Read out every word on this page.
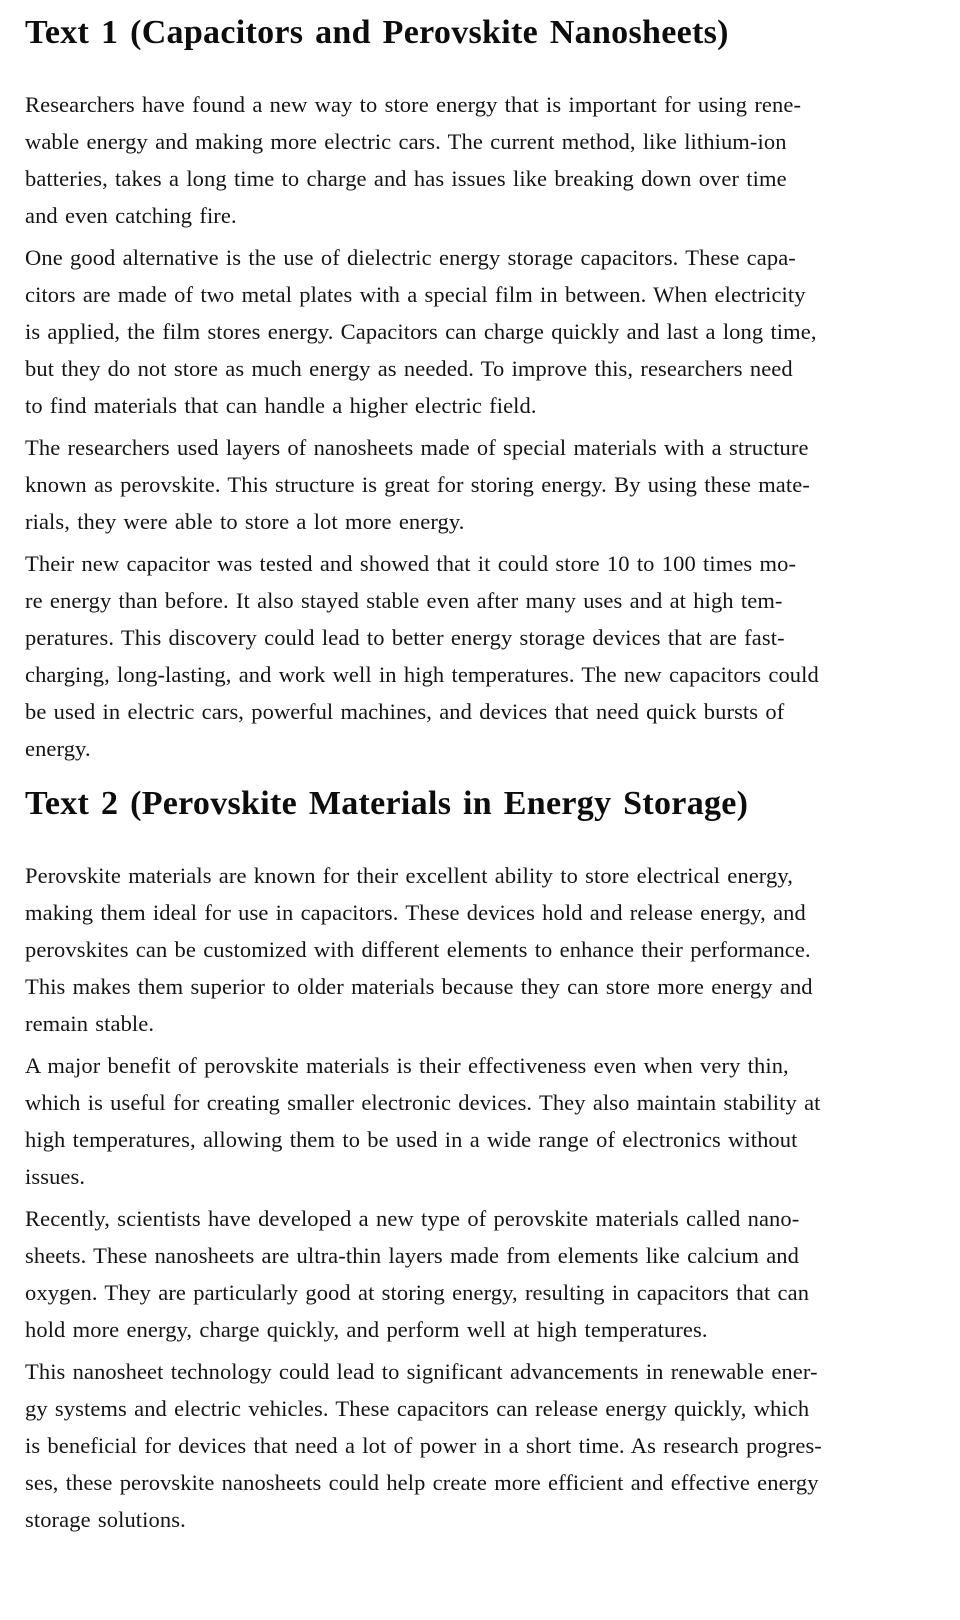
Text 1 (Capacitors and Perovskite Nanosheets)
Researchers have found a new way to store energy that is important for using rene-
wable energy and making more electric cars. The current method, like lithium-ion
batteries, takes a long time to charge and has issues like breaking down over time
and even catching fire.
One good alternative is the use of dielectric energy storage capacitors. These capa-
citors are made of two metal plates with a special film in between. When electricity
is applied, the film stores energy. Capacitors can charge quickly and last a long time,
but they do not store as much energy as needed. To improve this, researchers need
to find materials that can handle a higher electric field.
The researchers used layers of nanosheets made of special materials with a structure
known as perovskite. This structure is great for storing energy. By using these mate-
rials, they were able to store a lot more energy.
Their new capacitor was tested and showed that it could store 10 to 100 times mo-
re energy than before. It also stayed stable even after many uses and at high tem-
peratures. This discovery could lead to better energy storage devices that are fast-
charging, long-lasting, and work well in high temperatures. The new capacitors could
be used in electric cars, powerful machines, and devices that need quick bursts of
energy.
Text 2 (Perovskite Materials in Energy Storage)
Perovskite materials are known for their excellent ability to store electrical energy,
making them ideal for use in capacitors. These devices hold and release energy, and
perovskites can be customized with different elements to enhance their performance.
This makes them superior to older materials because they can store more energy and
remain stable.
A major benefit of perovskite materials is their effectiveness even when very thin,
which is useful for creating smaller electronic devices. They also maintain stability at
high temperatures, allowing them to be used in a wide range of electronics without
issues.
Recently, scientists have developed a new type of perovskite materials called nano-
sheets. These nanosheets are ultra-thin layers made from elements like calcium and
oxygen. They are particularly good at storing energy, resulting in capacitors that can
hold more energy, charge quickly, and perform well at high temperatures.
This nanosheet technology could lead to significant advancements in renewable ener-
gy systems and electric vehicles. These capacitors can release energy quickly, which
is beneficial for devices that need a lot of power in a short time. As research progres-
ses, these perovskite nanosheets could help create more efficient and effective energy
storage solutions.
